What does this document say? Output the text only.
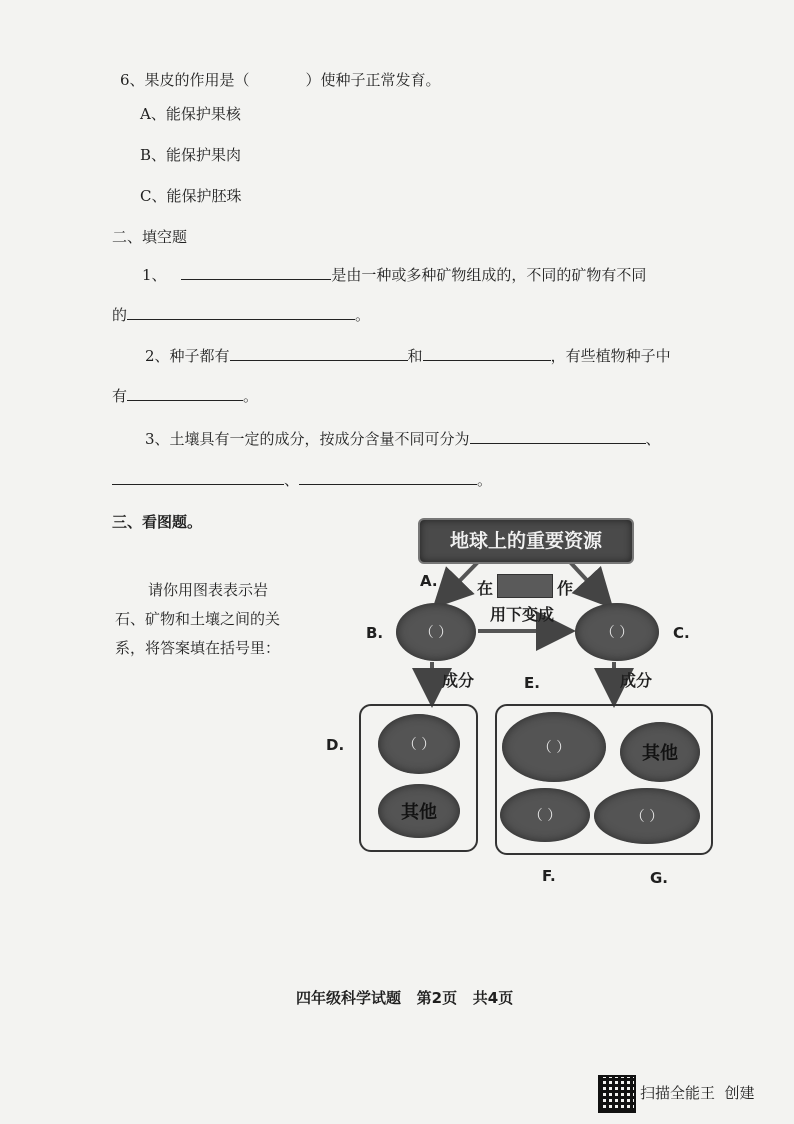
6、果皮的作用是（	）使种子正常发育。
A、能保护果核
B、能保护果肉
C、能保护胚珠
二、填空题
1、	是由一种或多种矿物组成的，不同的矿物有不同
的	。
2、种子都有	和	，有些植物种子中
有	。
3、土壤具有一定的成分，按成分含量不同可分为	、
、	。
三、看图题。
请你用图表表示岩
石、矿物和土壤之间的关
系，将答案填在括号里：
地球上的重要资源
A. 在	作
用下变成
B.	（ ）	C.
（ ）
成分	E.	成分
D.	（ ）
其他
（ ）	其他
（ ）	（ ）
F.	G.
四年级科学试题   第2页   共4页
扫描全能王  创建
